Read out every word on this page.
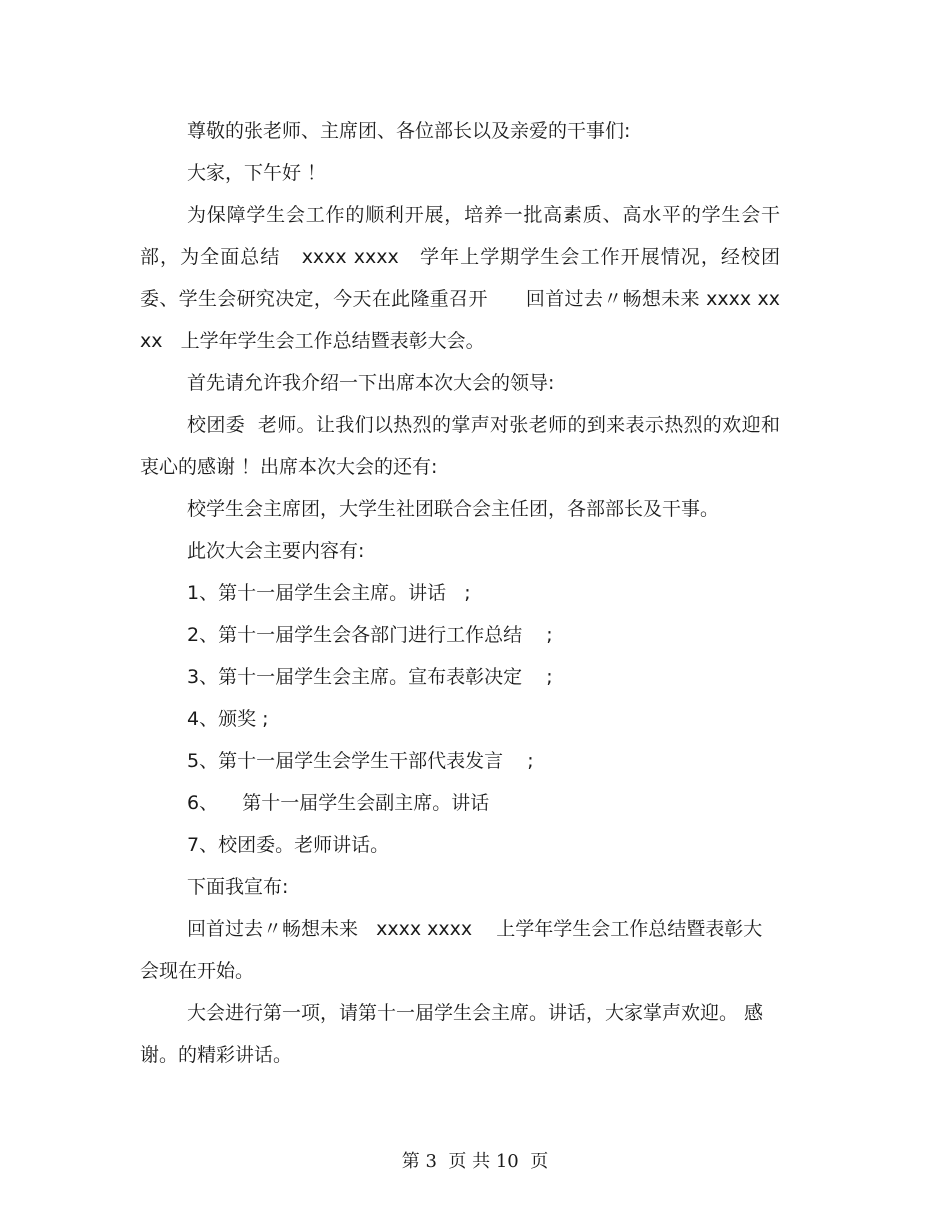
尊敬的张老师、主席团、各位部长以及亲爱的干事们:

大家，下午好 ！

为保障学生会工作的顺利开展，培养一批高素质、高水平的学生会干部，为全面总结   xxxx xxxx   学年上学期学生会工作开展情况，经校团委、学生会研究决定，今天在此隆重召开      回首过去〃畅想未来 xxxx xxxx   上学年学生会工作总结暨表彰大会。

首先请允许我介绍一下出席本次大会的领导:

校团委  老师。让我们以热烈的掌声对张老师的到来表示热烈的欢迎和衷心的感谢 ！出席本次大会的还有:

校学生会主席团，大学生社团联合会主任团，各部部长及干事。

此次大会主要内容有:

1、第十一届学生会主席。讲话   ;

2、第十一届学生会各部门进行工作总结    ;

3、第十一届学生会主席。宣布表彰决定    ;

4、颁奖 ;

5、第十一届学生会学生干部代表发言    ;

6、    第十一届学生会副主席。讲话

7、校团委。老师讲话。

下面我宣布:

回首过去〃畅想未来   xxxx xxxx    上学年学生会工作总结暨表彰大会现在开始。

大会进行第一项，请第十一届学生会主席。讲话，大家掌声欢迎。 感谢。的精彩讲话。

第 3  页 共 10  页
